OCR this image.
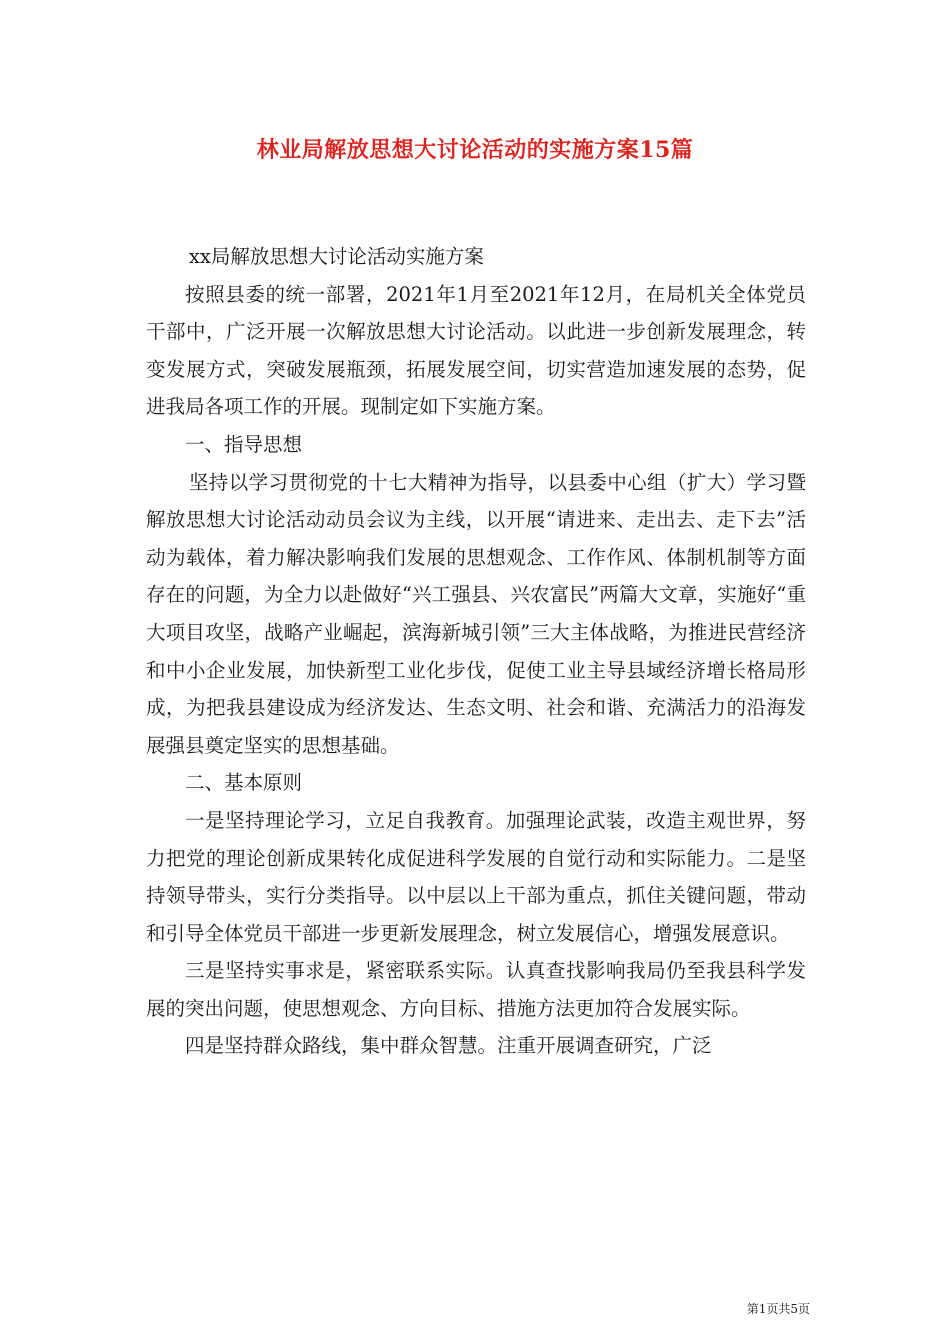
林业局解放思想大讨论活动的实施方案15篇

xx局解放思想大讨论活动实施方案

按照县委的统一部署，2021年1月至2021年12月，在局机关全体党员干部中，广泛开展一次解放思想大讨论活动。以此进一步创新发展理念，转变发展方式，突破发展瓶颈，拓展发展空间，切实营造加速发展的态势，促进我局各项工作的开展。现制定如下实施方案。

一、指导思想

坚持以学习贯彻党的十七大精神为指导，以县委中心组（扩大）学习暨解放思想大讨论活动动员会议为主线，以开展“请进来、走出去、走下去”活动为载体，着力解决影响我们发展的思想观念、工作作风、体制机制等方面存在的问题，为全力以赴做好“兴工强县、兴农富民”两篇大文章，实施好“重大项目攻坚，战略产业崛起，滨海新城引领”三大主体战略，为推进民营经济和中小企业发展，加快新型工业化步伐，促使工业主导县域经济增长格局形成，为把我县建设成为经济发达、生态文明、社会和谐、充满活力的沿海发展强县奠定坚实的思想基础。

二、基本原则

一是坚持理论学习，立足自我教育。加强理论武装，改造主观世界，努力把党的理论创新成果转化成促进科学发展的自觉行动和实际能力。二是坚持领导带头，实行分类指导。以中层以上干部为重点，抓住关键问题，带动和引导全体党员干部进一步更新发展理念，树立发展信心，增强发展意识。

三是坚持实事求是，紧密联系实际。认真查找影响我局仍至我县科学发展的突出问题，使思想观念、方向目标、措施方法更加符合发展实际。

四是坚持群众路线，集中群众智慧。注重开展调查研究，广泛

第1页共5页
